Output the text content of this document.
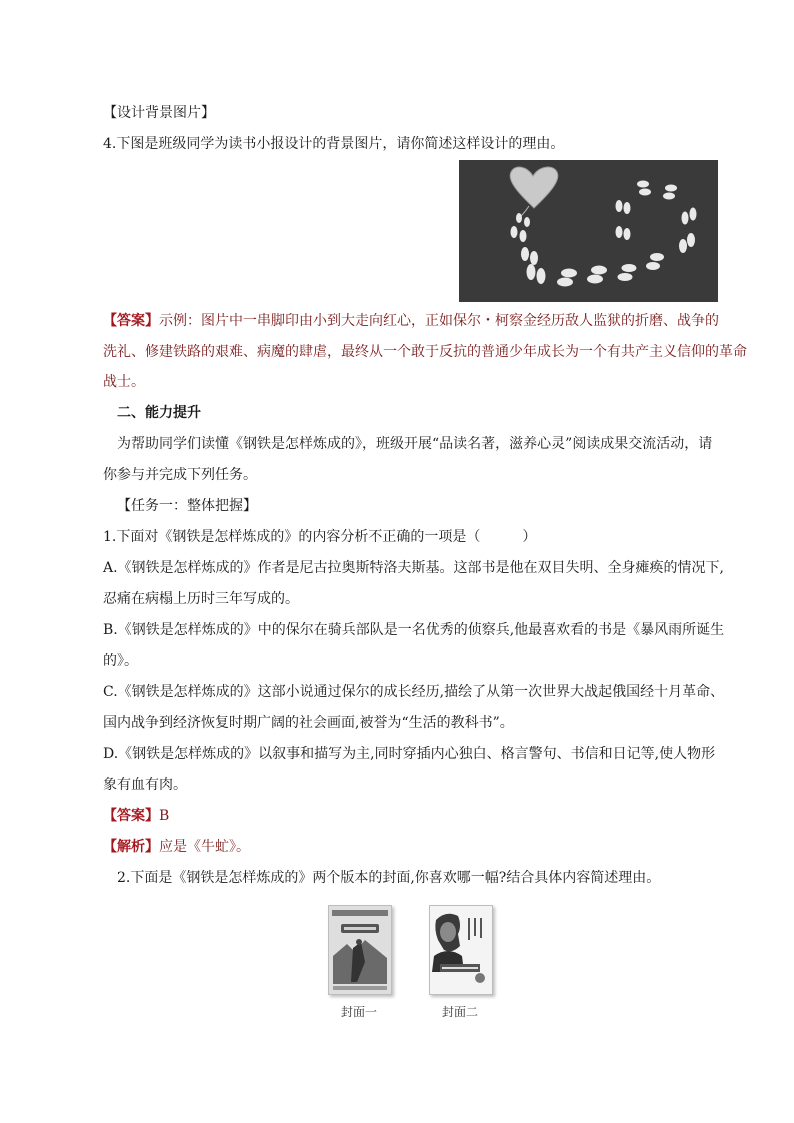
【设计背景图片】
4.下图是班级同学为读书小报设计的背景图片，请你简述这样设计的理由。
【答案】示例：图片中一串脚印由小到大走向红心，正如保尔・柯察金经历敌人监狱的折磨、战争的
洗礼、修建铁路的艰难、病魔的肆虐，最终从一个敢于反抗的普通少年成长为一个有共产主义信仰的革命
战士。
二、能力提升
为帮助同学们读懂《钢铁是怎样炼成的》，班级开展“品读名著，滋养心灵”阅读成果交流活动，请
你参与并完成下列任务。
【任务一：整体把握】
1.下面对《钢铁是怎样炼成的》的内容分析不正确的一项是（　　　）
A.《钢铁是怎样炼成的》作者是尼古拉奥斯特洛夫斯基。这部书是他在双目失明、全身瘫痪的情况下,
忍痛在病榻上历时三年写成的。
B.《钢铁是怎样炼成的》中的保尔在骑兵部队是一名优秀的侦察兵,他最喜欢看的书是《暴风雨所诞生
的》。
C.《钢铁是怎样炼成的》这部小说通过保尔的成长经历,描绘了从第一次世界大战起俄国经十月革命、
国内战争到经济恢复时期广阔的社会画面,被誉为“生活的教科书”。
D.《钢铁是怎样炼成的》以叙事和描写为主,同时穿插内心独白、格言警句、书信和日记等,使人物形
象有血有肉。
【答案】B
【解析】应是《牛虻》。
2.下面是《钢铁是怎样炼成的》两个版本的封面,你喜欢哪一幅?结合具体内容简述理由。
封面一	封面二
